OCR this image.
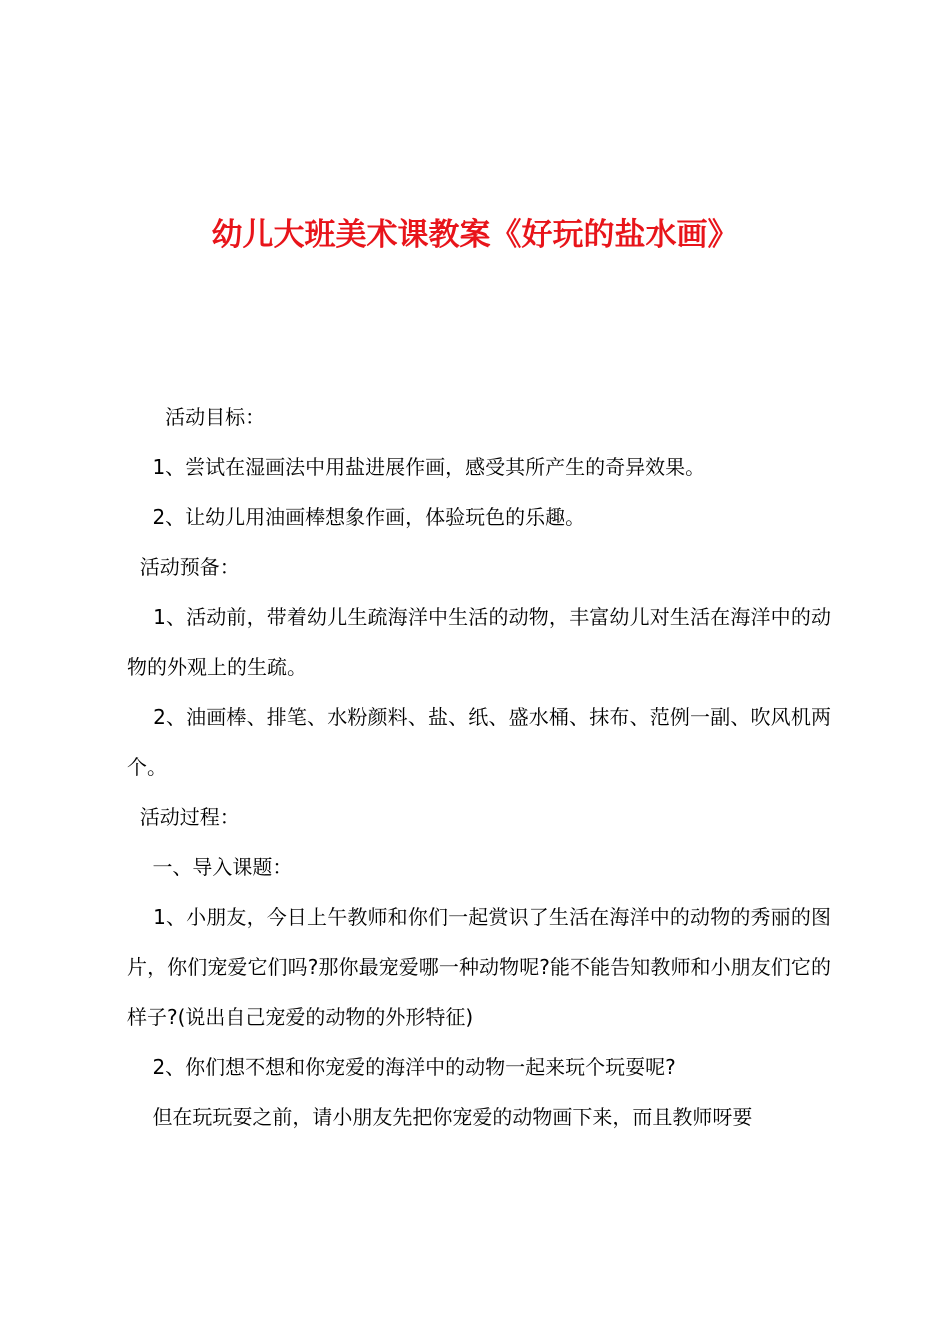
幼儿大班美术课教案《好玩的盐水画》

活动目标：

1、尝试在湿画法中用盐进展作画，感受其所产生的奇异效果。

2、让幼儿用油画棒想象作画，体验玩色的乐趣。

活动预备：

1、活动前，带着幼儿生疏海洋中生活的动物，丰富幼儿对生活在海洋中的动物的外观上的生疏。

2、油画棒、排笔、水粉颜料、盐、纸、盛水桶、抹布、范例一副、吹风机两个。

活动过程：

一、导入课题：

1、小朋友，今日上午教师和你们一起赏识了生活在海洋中的动物的秀丽的图片，你们宠爱它们吗?那你最宠爱哪一种动物呢?能不能告知教师和小朋友们它的样子?(说出自己宠爱的动物的外形特征)

2、你们想不想和你宠爱的海洋中的动物一起来玩个玩耍呢?

但在玩玩耍之前，请小朋友先把你宠爱的动物画下来，而且教师呀要
